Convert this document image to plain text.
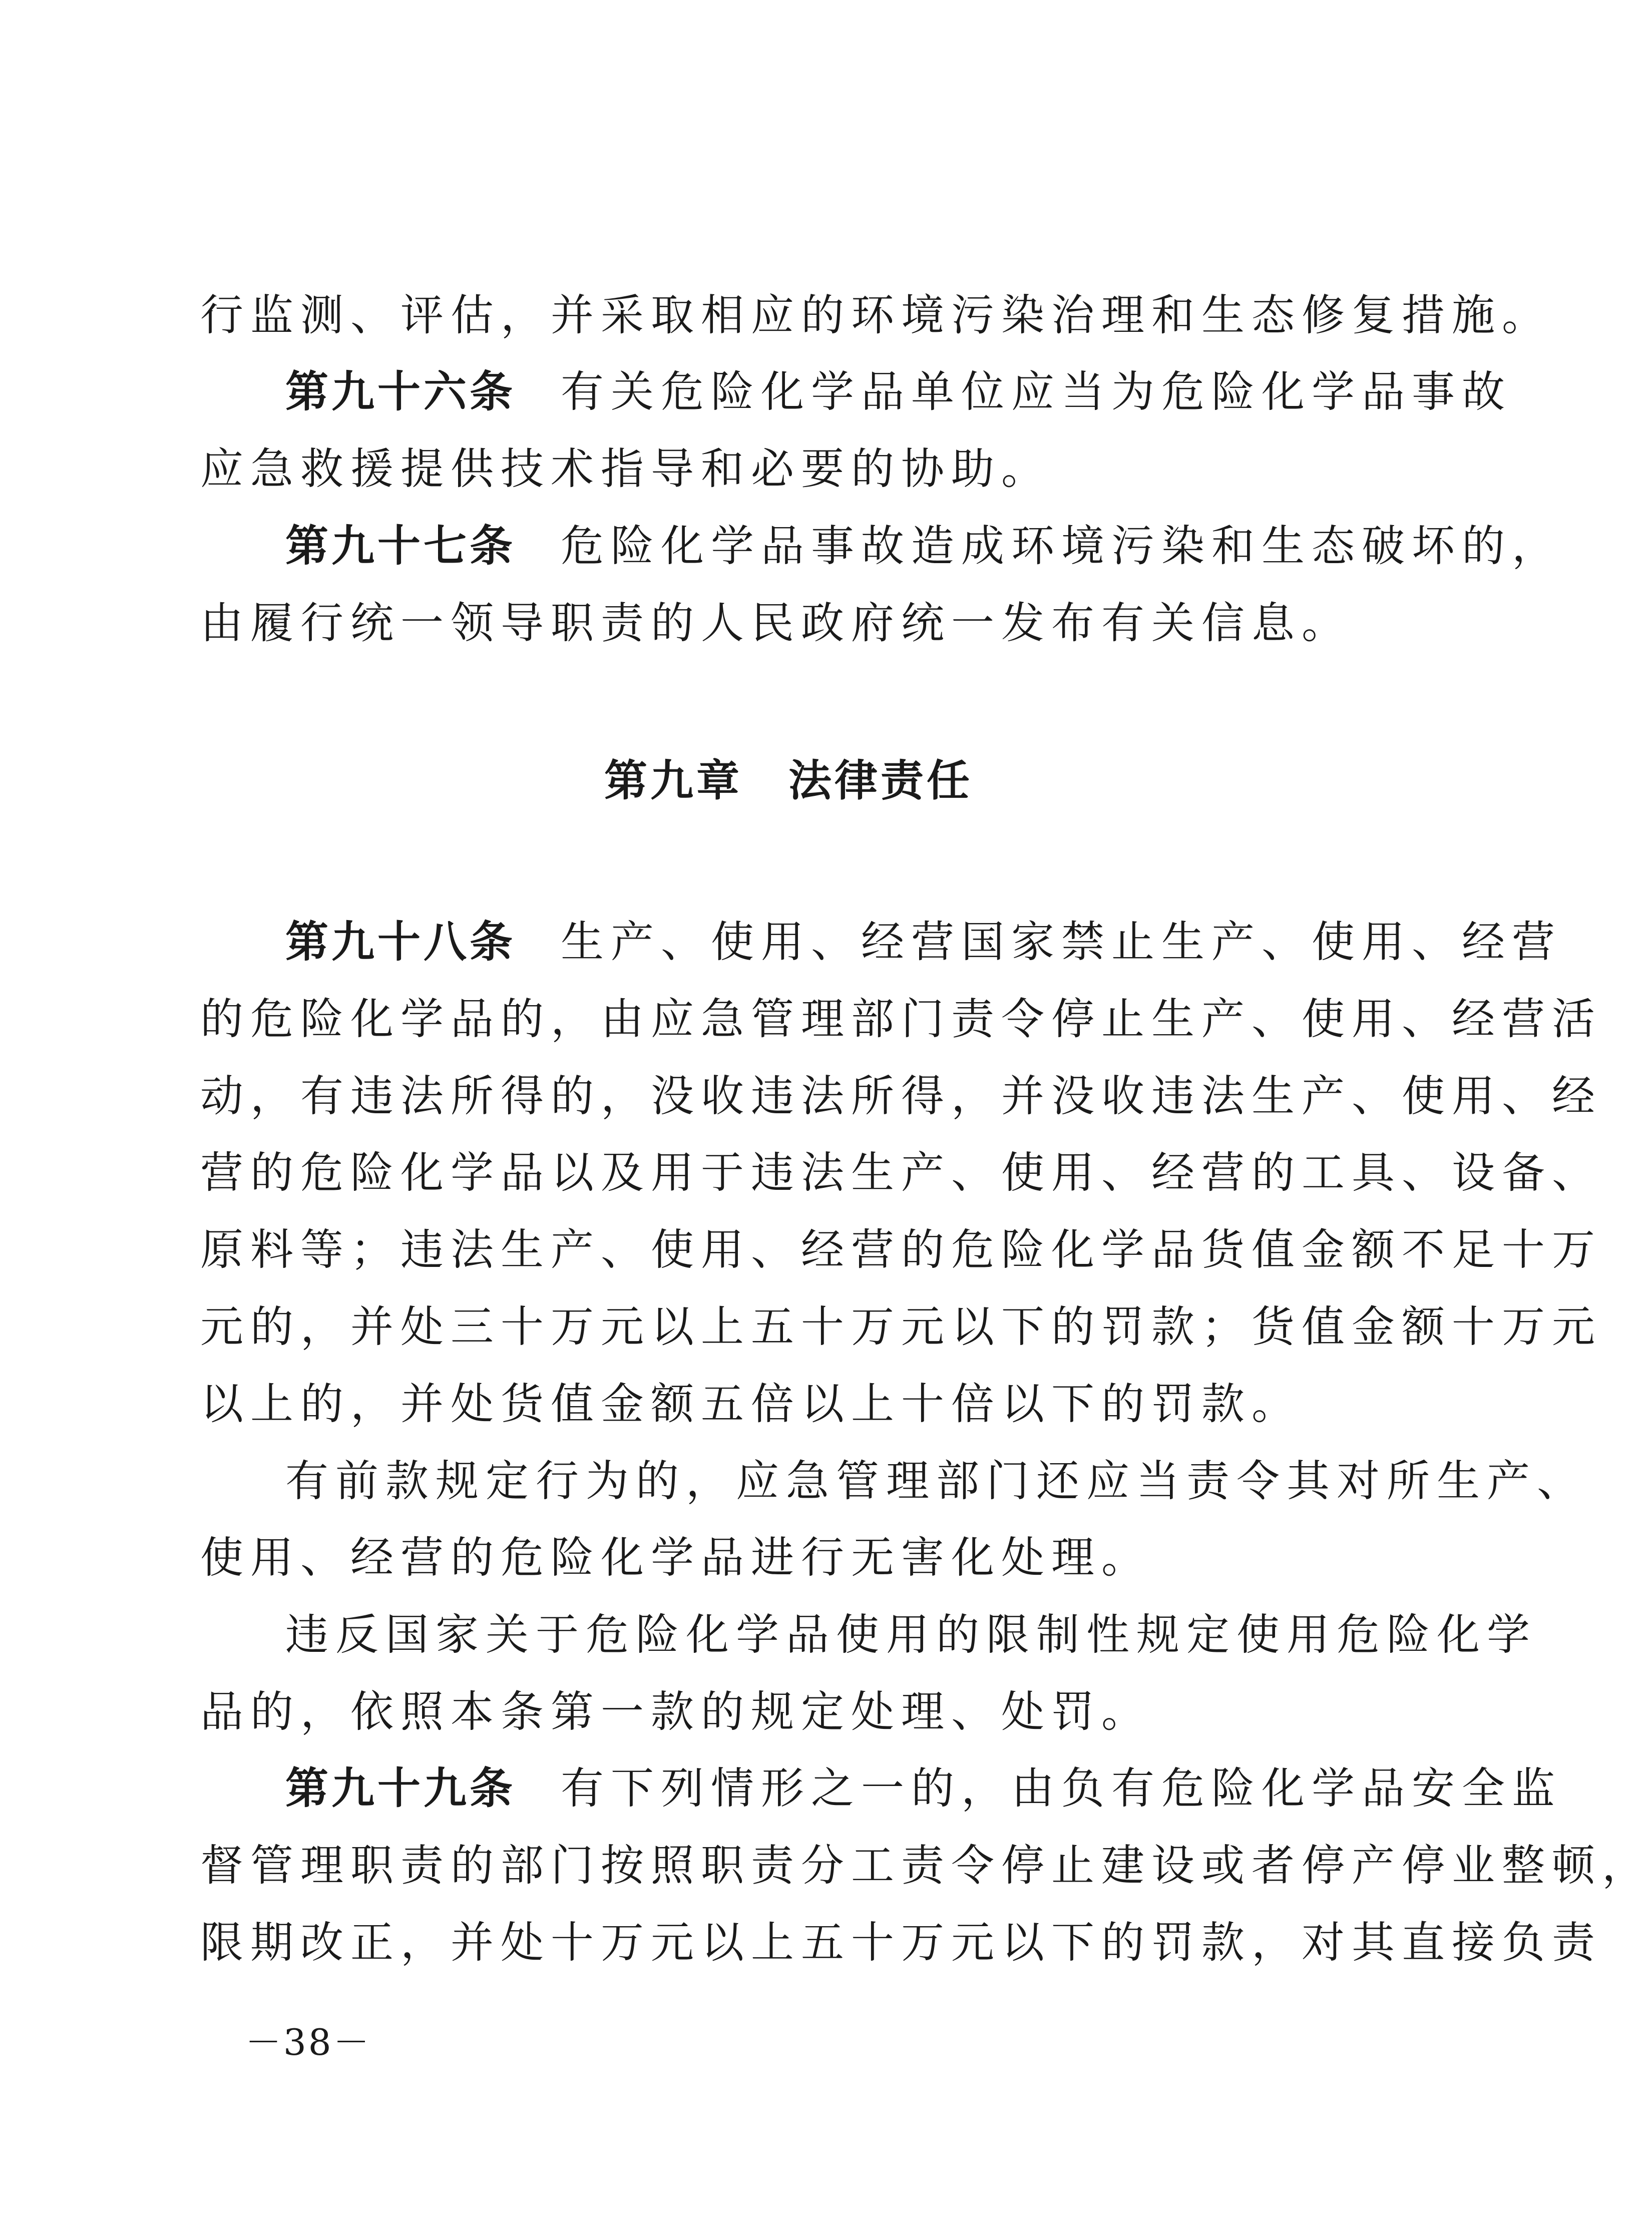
行监测、评估，并采取相应的环境污染治理和生态修复措施。
第九十六条 有关危险化学品单位应当为危险化学品事故
应急救援提供技术指导和必要的协助。
第九十七条 危险化学品事故造成环境污染和生态破坏的，
由履行统一领导职责的人民政府统一发布有关信息。
第九章　法律责任
第九十八条 生产、使用、经营国家禁止生产、使用、经营
的危险化学品的，由应急管理部门责令停止生产、使用、经营活
动，有违法所得的，没收违法所得，并没收违法生产、使用、经
营的危险化学品以及用于违法生产、使用、经营的工具、设备、
原料等；违法生产、使用、经营的危险化学品货值金额不足十万
元的，并处三十万元以上五十万元以下的罚款；货值金额十万元
以上的，并处货值金额五倍以上十倍以下的罚款。
有前款规定行为的，应急管理部门还应当责令其对所生产、
使用、经营的危险化学品进行无害化处理。
违反国家关于危险化学品使用的限制性规定使用危险化学
品的，依照本条第一款的规定处理、处罚。
第九十九条 有下列情形之一的，由负有危险化学品安全监
督管理职责的部门按照职责分工责令停止建设或者停产停业整顿，
限期改正，并处十万元以上五十万元以下的罚款，对其直接负责
－38－
